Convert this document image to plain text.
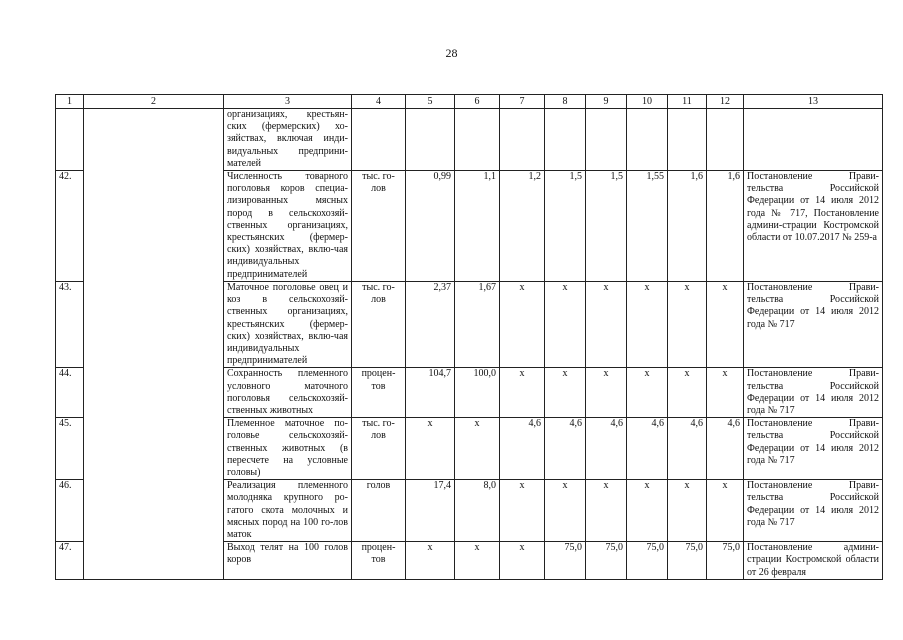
28
1	2	3	4	5	6	7	8	9	10	11	12	13
		организациях, крестьян-ских (фермерских) хо-зяйствах, включая инди-видуальных предприни-мателей										
42.		Численность товарного поголовья коров специа-лизированных мясных пород в сельскохозяй-ственных организациях, крестьянских (фермер-ских) хозяйствах, вклю-чая индивидуальных предпринимателей	тыс. го-лов	0,99	1,1	1,2	1,5	1,5	1,55	1,6	1,6	Постановление Прави-тельства Российской Федерации от 14 июля 2012 года № 717, Постановление админи-страции Костромской области от 10.07.2017 № 259-а
43.		Маточное поголовье овец и коз в сельскохозяй-ственных организациях, крестьянских (фермер-ских) хозяйствах, вклю-чая индивидуальных предпринимателей	тыс. го-лов	2,37	1,67	x	x	x	x	x	x	Постановление Прави-тельства Российской Федерации от 14 июля 2012 года № 717
44.		Сохранность племенного условного маточного поголовья сельскохозяй-ственных животных	процен-тов	104,7	100,0	x	x	x	x	x	x	Постановление Прави-тельства Российской Федерации от 14 июля 2012 года № 717
45.		Племенное маточное по-головье сельскохозяй-ственных животных (в пересчете на условные головы)	тыс. го-лов	x	x	4,6	4,6	4,6	4,6	4,6	4,6	Постановление Прави-тельства Российской Федерации от 14 июля 2012 года № 717
46.		Реализация племенного молодняка крупного ро-гатого скота молочных и мясных пород на 100 го-лов маток	голов	17,4	8,0	x	x	x	x	x	x	Постановление Прави-тельства Российской Федерации от 14 июля 2012 года № 717
47.		Выход телят на 100 голов коров	процен-тов	x	x	x	75,0	75,0	75,0	75,0	75,0	Постановление админи-страции Костромской области от 26 февраля
